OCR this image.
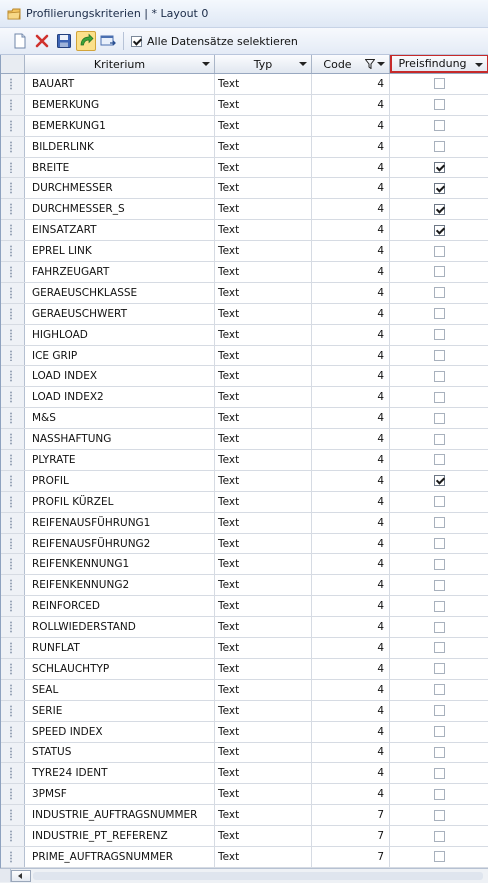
Profilierungskriterien | * Layout 0
Alle Datensätze selektieren
Kriterium	Typ	Code	Preisfindung
BAUART	Text	4
BEMERKUNG	Text	4
BEMERKUNG1	Text	4
BILDERLINK	Text	4
BREITE	Text	4
DURCHMESSER	Text	4
DURCHMESSER_S	Text	4
EINSATZART	Text	4
EPREL LINK	Text	4
FAHRZEUGART	Text	4
GERAEUSCHKLASSE	Text	4
GERAEUSCHWERT	Text	4
HIGHLOAD	Text	4
ICE GRIP	Text	4
LOAD INDEX	Text	4
LOAD INDEX2	Text	4
M&S	Text	4
NASSHAFTUNG	Text	4
PLYRATE	Text	4
PROFIL	Text	4
PROFIL KÜRZEL	Text	4
REIFENAUSFÜHRUNG1	Text	4
REIFENAUSFÜHRUNG2	Text	4
REIFENKENNUNG1	Text	4
REIFENKENNUNG2	Text	4
REINFORCED	Text	4
ROLLWIEDERSTAND	Text	4
RUNFLAT	Text	4
SCHLAUCHTYP	Text	4
SEAL	Text	4
SERIE	Text	4
SPEED INDEX	Text	4
STATUS	Text	4
TYRE24 IDENT	Text	4
3PMSF	Text	4
INDUSTRIE_AUFTRAGSNUMMER	Text	7
INDUSTRIE_PT_REFERENZ	Text	7
PRIME_AUFTRAGSNUMMER	Text	7
